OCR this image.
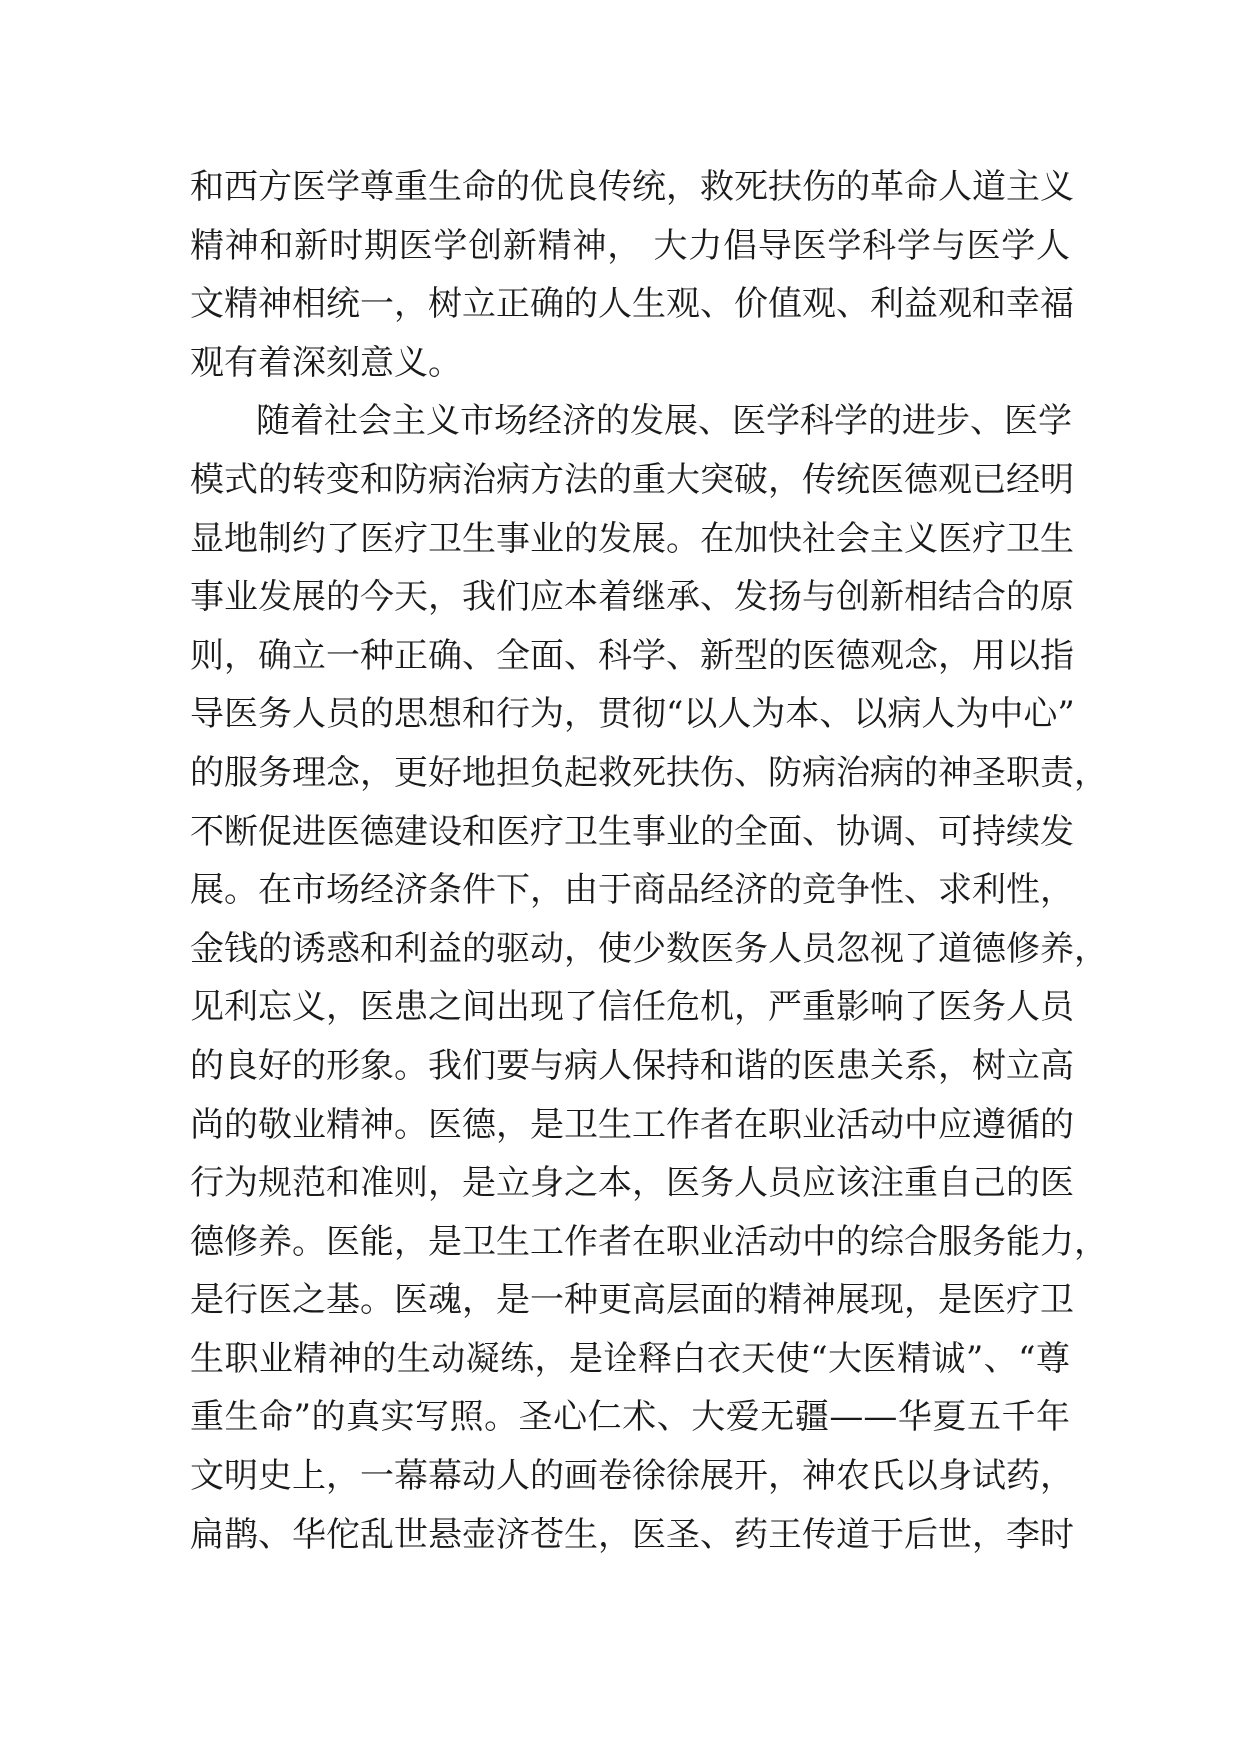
和西方医学尊重生命的优良传统，救死扶伤的革命人道主义
精神和新时期医学创新精神， 大力倡导医学科学与医学人
文精神相统一，树立正确的人生观、价值观、利益观和幸福
观有着深刻意义。
随着社会主义市场经济的发展、医学科学的进步、医学
模式的转变和防病治病方法的重大突破，传统医德观已经明
显地制约了医疗卫生事业的发展。在加快社会主义医疗卫生
事业发展的今天，我们应本着继承、发扬与创新相结合的原
则，确立一种正确、全面、科学、新型的医德观念，用以指
导医务人员的思想和行为，贯彻“以人为本、以病人为中心”
的服务理念，更好地担负起救死扶伤、防病治病的神圣职责，
不断促进医德建设和医疗卫生事业的全面、协调、可持续发
展。在市场经济条件下，由于商品经济的竞争性、求利性，
金钱的诱惑和利益的驱动，使少数医务人员忽视了道德修养，
见利忘义，医患之间出现了信任危机，严重影响了医务人员
的良好的形象。我们要与病人保持和谐的医患关系，树立高
尚的敬业精神。医德，是卫生工作者在职业活动中应遵循的
行为规范和准则，是立身之本，医务人员应该注重自己的医
德修养。医能，是卫生工作者在职业活动中的综合服务能力，
是行医之基。医魂，是一种更高层面的精神展现，是医疗卫
生职业精神的生动凝练，是诠释白衣天使“大医精诚”、“尊
重生命”的真实写照。圣心仁术、大爱无疆——华夏五千年
文明史上，一幕幕动人的画卷徐徐展开，神农氏以身试药，
扁鹊、华佗乱世悬壶济苍生，医圣、药王传道于后世，李时
